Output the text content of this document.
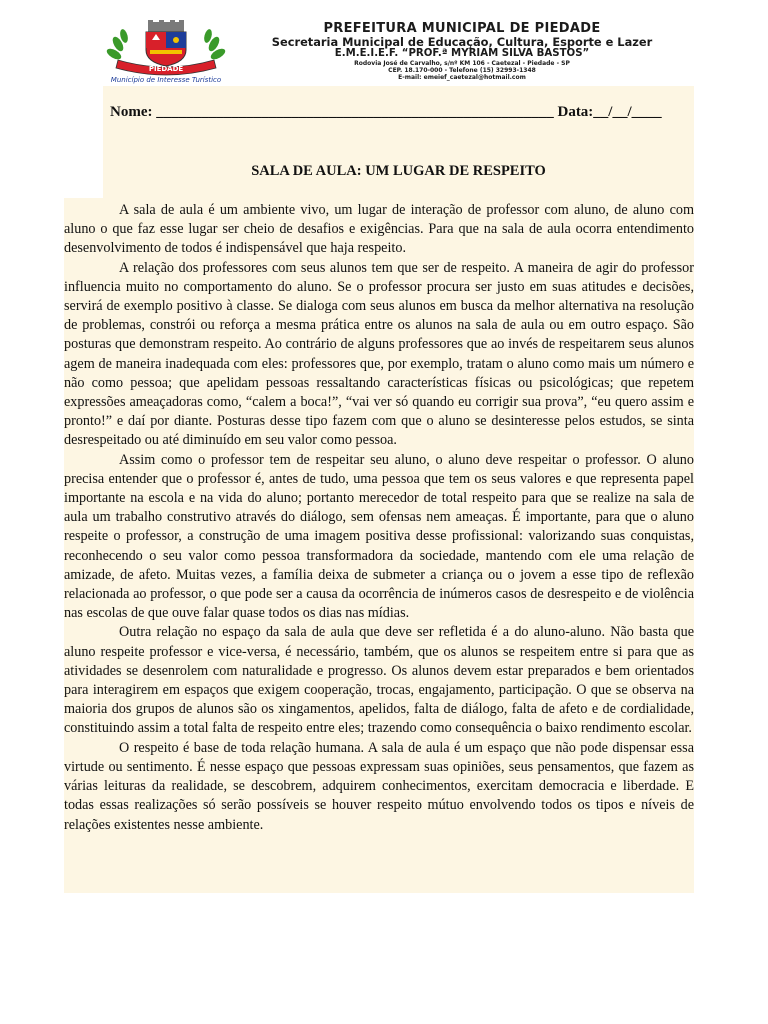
PIEDADE
Município de Interesse Turístico
PREFEITURA MUNICIPAL DE PIEDADE
Secretaria Municipal de Educação, Cultura, Esporte e Lazer
E.M.E.I.E.F. “PROF.ª MYRIAM SILVA BASTOS”
Rodovia José de Carvalho, s/nº KM 106 - Caetezal - Piedade - SP
CEP. 18.170-000 - Telefone (15) 32993-1348
E-mail: emeief_caetezal@hotmail.com
Nome: _____________________________________________________ Data:__/__/____
SALA DE AULA: UM LUGAR DE RESPEITO

A sala de aula é um ambiente vivo, um lugar de interação de professor com aluno, de aluno com aluno o que faz esse lugar ser cheio de desafios e exigências. Para que na sala de aula ocorra entendimento desenvolvimento de todos é indispensável que haja respeito.

A relação dos professores com seus alunos tem que ser de respeito. A maneira de agir do professor influencia muito no comportamento do aluno. Se o professor procura ser justo em suas atitudes e decisões, servirá de exemplo positivo à classe. Se dialoga com seus alunos em busca da melhor alternativa na resolução de problemas, constrói ou reforça a mesma prática entre os alunos na sala de aula ou em outro espaço. São posturas que demonstram respeito. Ao contrário de alguns professores que ao invés de respeitarem seus alunos agem de maneira inadequada com eles: professores que, por exemplo, tratam o aluno como mais um número e não como pessoa; que apelidam pessoas ressaltando características físicas ou psicológicas; que repetem expressões ameaçadoras como, “calem a boca!”, “vai ver só quando eu corrigir sua prova”, “eu quero assim e pronto!” e daí por diante. Posturas desse tipo fazem com que o aluno se desinteresse pelos estudos, se sinta desrespeitado ou até diminuído em seu valor como pessoa.

Assim como o professor tem de respeitar seu aluno, o aluno deve respeitar o professor. O aluno precisa entender que o professor é, antes de tudo, uma pessoa que tem os seus valores e que representa papel importante na escola e na vida do aluno; portanto merecedor de total respeito para que se realize na sala de aula um trabalho construtivo através do diálogo, sem ofensas nem ameaças. É importante, para que o aluno respeite o professor, a construção de uma imagem positiva desse profissional: valorizando suas conquistas, reconhecendo o seu valor como pessoa transformadora da sociedade, mantendo com ele uma relação de amizade, de afeto. Muitas vezes, a família deixa de submeter a criança ou o jovem a esse tipo de reflexão relacionada ao professor, o que pode ser a causa da ocorrência de inúmeros casos de desrespeito e de violência nas escolas de que ouve falar quase todos os dias nas mídias.

Outra relação no espaço da sala de aula que deve ser refletida é a do aluno-aluno. Não basta que aluno respeite professor e vice-versa, é necessário, também, que os alunos se respeitem entre si para que as atividades se desenrolem com naturalidade e progresso. Os alunos devem estar preparados e bem orientados para interagirem em espaços que exigem cooperação, trocas, engajamento, participação. O que se observa na maioria dos grupos de alunos são os xingamentos, apelidos, falta de diálogo, falta de afeto e de cordialidade, constituindo assim a total falta de respeito entre eles; trazendo como consequência o baixo rendimento escolar.

O respeito é base de toda relação humana. A sala de aula é um espaço que não pode dispensar essa virtude ou sentimento. É nesse espaço que pessoas expressam suas opiniões, seus pensamentos, que fazem as várias leituras da realidade, se descobrem, adquirem conhecimentos, exercitam democracia e liberdade. E todas essas realizações só serão possíveis se houver respeito mútuo envolvendo todos os tipos e níveis de relações existentes nesse ambiente.
